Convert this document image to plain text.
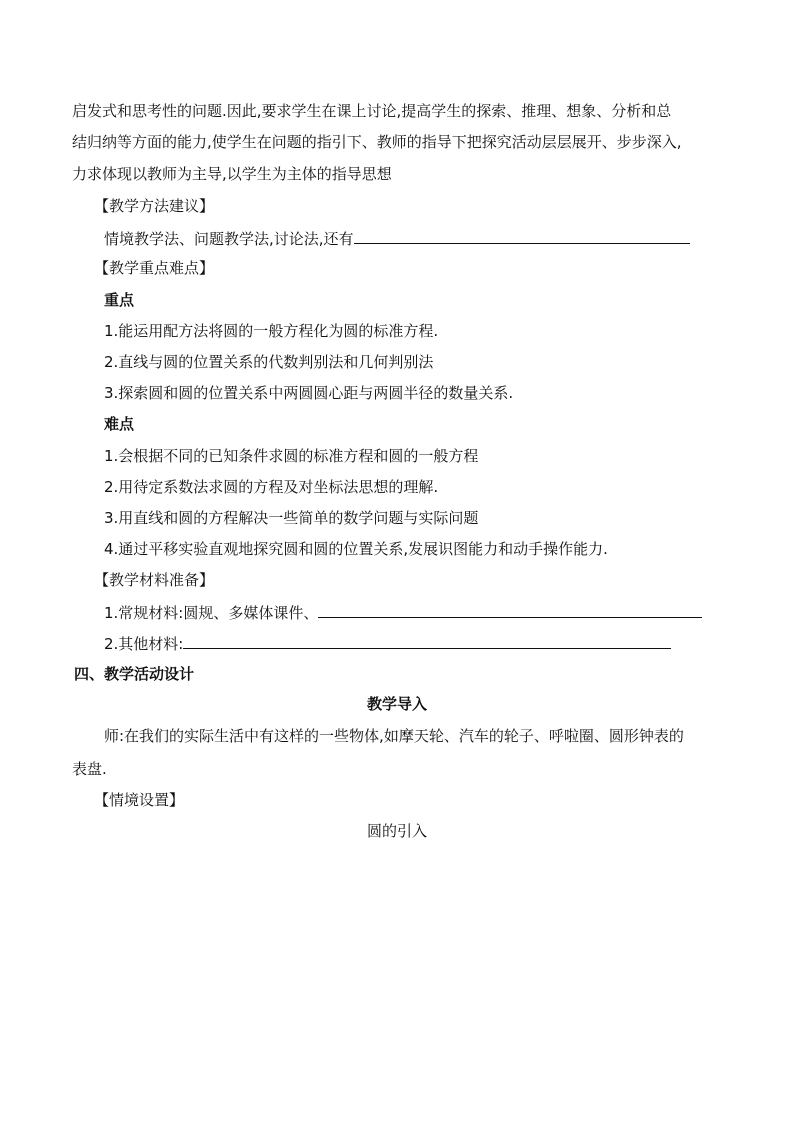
启发式和思考性的问题.因此,要求学生在课上讨论,提高学生的探索、推理、想象、分析和总
结归纳等方面的能力,使学生在问题的指引下、教师的指导下把探究活动层层展开、步步深入,
力求体现以教师为主导,以学生为主体的指导思想
【教学方法建议】
情境教学法、问题教学法,讨论法,还有
【教学重点难点】
重点
1.能运用配方法将圆的一般方程化为圆的标准方程.
2.直线与圆的位置关系的代数判别法和几何判别法
3.探索圆和圆的位置关系中两圆圆心距与两圆半径的数量关系.
难点
1.会根据不同的已知条件求圆的标准方程和圆的一般方程
2.用待定系数法求圆的方程及对坐标法思想的理解.
3.用直线和圆的方程解决一些简单的数学问题与实际问题
4.通过平移实验直观地探究圆和圆的位置关系,发展识图能力和动手操作能力.
【教学材料准备】
1.常规材料:圆规、多媒体课件、
2.其他材料:
四、教学活动设计
教学导入
师:在我们的实际生活中有这样的一些物体,如摩天轮、汽车的轮子、呼啦圈、圆形钟表的
表盘.
【情境设置】
圆的引入
